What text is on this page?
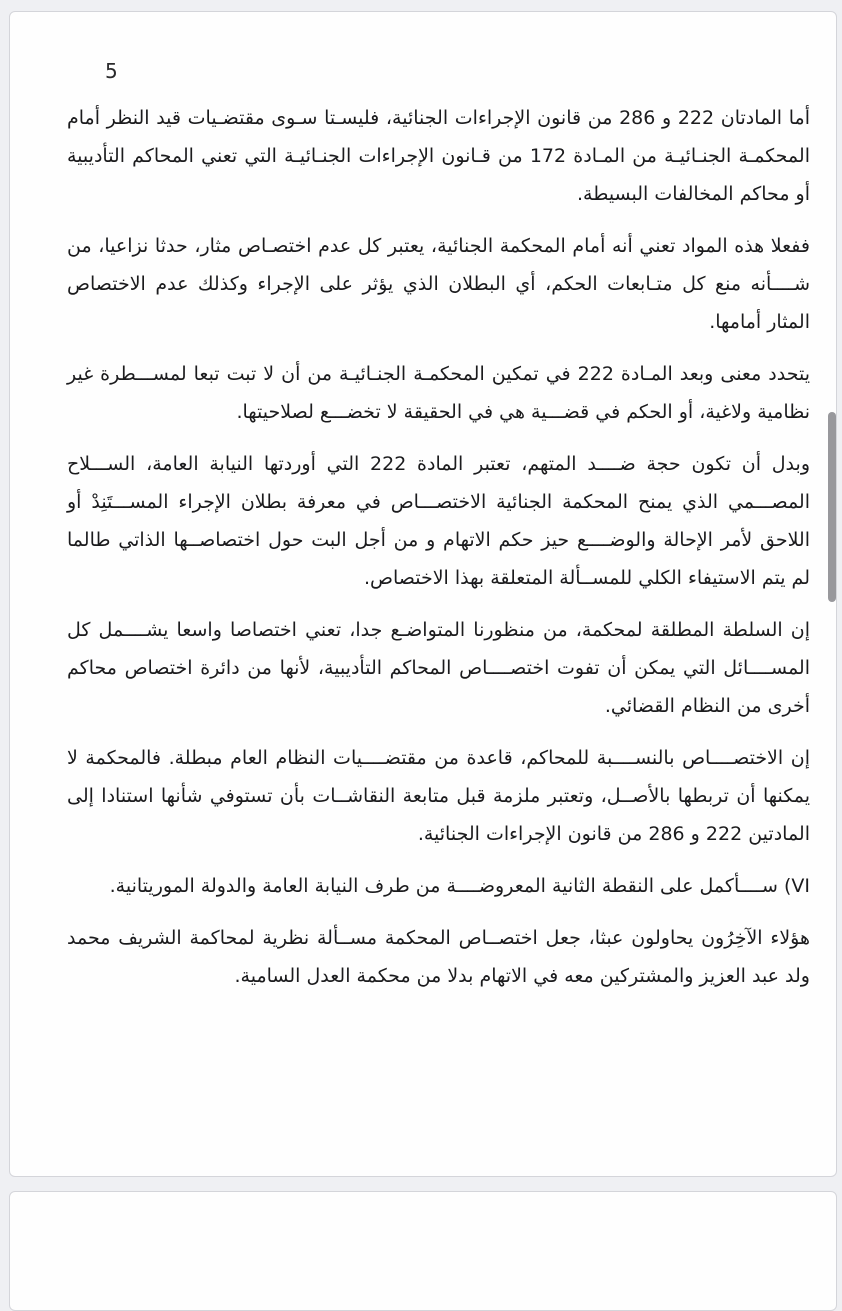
5

أما المادتان 222 و 286 من قانون الإجراءات الجنائية، فليسـتا سـوى مقتضـيات قيد النظر أمام المحكمـة الجنـائيـة من المـادة 172 من قـانون الإجراءات الجنـائيـة التي تعني المحاكم التأديبية أو محاكم المخالفات البسيطة.

ففعلا هذه المواد تعني أنه أمام المحكمة الجنائية، يعتبر كل عدم اختصـاص مثار، حدثا نزاعيا، من شــــأنه منع كل متـابعات الحكم، أي البطلان الذي يؤثر على الإجراء وكذلك عدم الاختصاص المثار أمامها.

يتحدد معنى وبعد المـادة 222 في تمكين المحكمـة الجنـائيـة من أن لا تبت تبعا لمســـطرة غير نظامية ولاغية، أو الحكم في قضـــية هي في الحقيقة لا تخضـــع لصلاحيتها.

وبدل أن تكون حجة ضــــد المتهم، تعتبر المادة 222 التي أوردتها النيابة العامة، الســـلاح المصـــمي الذي يمنح المحكمة الجنائية الاختصـــاص في معرفة بطلان الإجراء المســـتَنِدْ أو اللاحق لأمر الإحالة والوضــــع حيز حكم الاتهام و من أجل البت حول اختصاصــها الذاتي طالما لم يتم الاستيفاء الكلي للمســألة المتعلقة بهذا الاختصاص.

إن السلطة المطلقة لمحكمة، من منظورنا المتواضـع جدا، تعني اختصاصا واسعا يشــــمل كل المســــائل التي يمكن أن تفوت اختصــــاص المحاكم التأديبية، لأنها من دائرة اختصاص محاكم أخرى من النظام القضائي.

إن الاختصــــاص بالنســــبة للمحاكم، قاعدة من مقتضــــيات النظام العام مبطلة. فالمحكمة لا يمكنها أن تربطها بالأصــل، وتعتبر ملزمة قبل متابعة النقاشــات بأن تستوفي شأنها استنادا إلى المادتين 222 و 286 من قانون الإجراءات الجنائية.

VI) ســــأكمل على النقطة الثانية المعروضــــة من طرف النيابة العامة والدولة الموريتانية.

هؤلاء الآخِرُون يحاولون عبثا، جعل اختصــاص المحكمة مســألة نظرية لمحاكمة الشريف محمد ولد عبد العزيز والمشتركين معه في الاتهام بدلا من محكمة العدل السامية.
